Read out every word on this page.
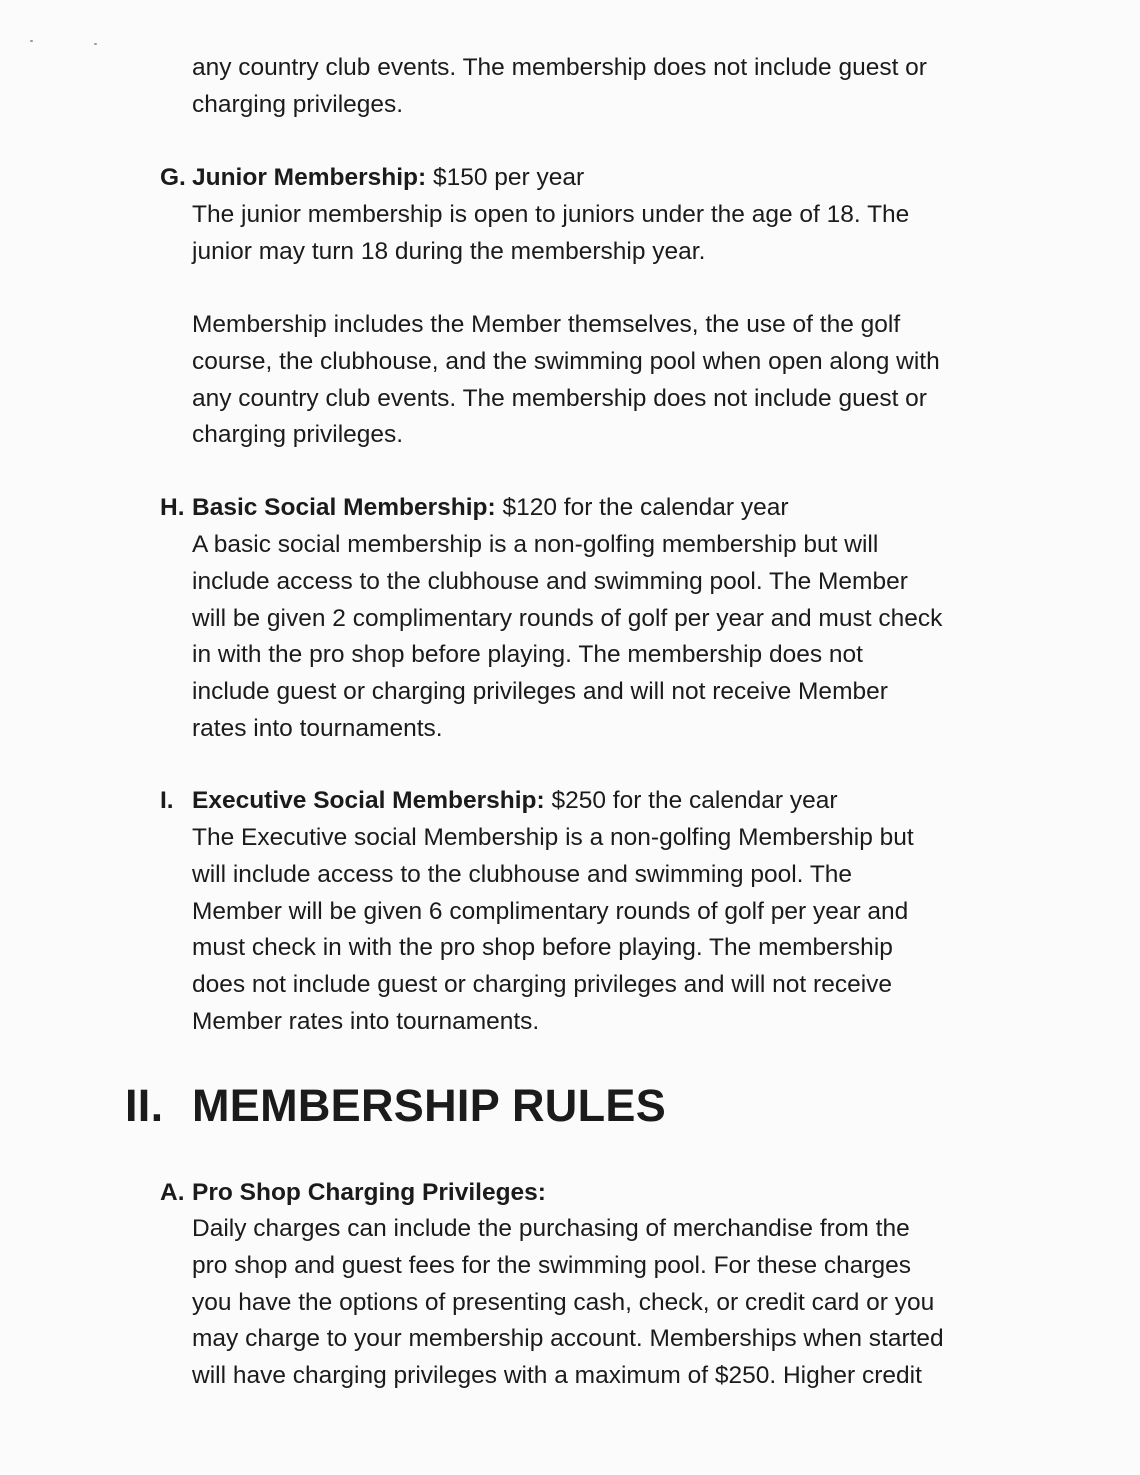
any country club events. The membership does not include guest or
charging privileges.
G. Junior Membership: $150 per year
The junior membership is open to juniors under the age of 18. The
junior may turn 18 during the membership year.
Membership includes the Member themselves, the use of the golf
course, the clubhouse, and the swimming pool when open along with
any country club events. The membership does not include guest or
charging privileges.
H. Basic Social Membership: $120 for the calendar year
A basic social membership is a non-golfing membership but will
include access to the clubhouse and swimming pool. The Member
will be given 2 complimentary rounds of golf per year and must check
in with the pro shop before playing. The membership does not
include guest or charging privileges and will not receive Member
rates into tournaments.
I. Executive Social Membership: $250 for the calendar year
The Executive social Membership is a non-golfing Membership but
will include access to the clubhouse and swimming pool. The
Member will be given 6 complimentary rounds of golf per year and
must check in with the pro shop before playing. The membership
does not include guest or charging privileges and will not receive
Member rates into tournaments.
II. MEMBERSHIP RULES
A. Pro Shop Charging Privileges:
Daily charges can include the purchasing of merchandise from the
pro shop and guest fees for the swimming pool. For these charges
you have the options of presenting cash, check, or credit card or you
may charge to your membership account. Memberships when started
will have charging privileges with a maximum of $250. Higher credit
